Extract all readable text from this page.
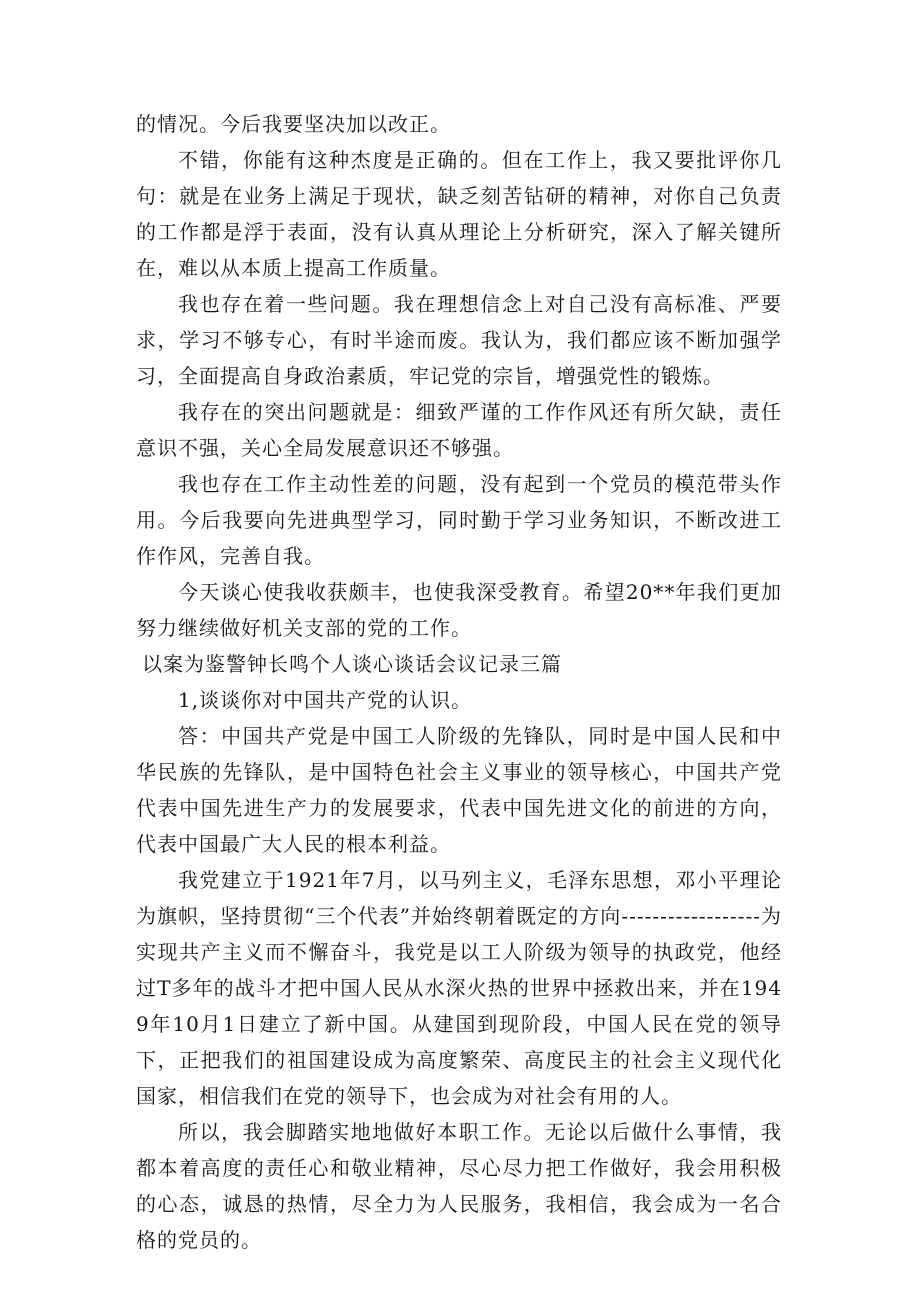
的情况。今后我要坚决加以改正。

不错，你能有这种杰度是正确的。但在工作上，我又要批评你几句：就是在业务上满足于现状，缺乏刻苦钻研的精神，对你自己负责的工作都是浮于表面，没有认真从理论上分析研究，深入了解关键所在，难以从本质上提高工作质量。

我也存在着一些问题。我在理想信念上对自己没有高标准、严要求，学习不够专心，有时半途而废。我认为，我们都应该不断加强学习，全面提高自身政治素质，牢记党的宗旨，增强党性的锻炼。

我存在的突出问题就是：细致严谨的工作作风还有所欠缺，责任意识不强，关心全局发展意识还不够强。

我也存在工作主动性差的问题，没有起到一个党员的模范带头作用。今后我要向先进典型学习，同时勤于学习业务知识，不断改进工作作风，完善自我。

今天谈心使我收获颇丰，也使我深受教育。希望20**年我们更加努力继续做好机关支部的党的工作。

以案为鉴警钟长鸣个人谈心谈话会议记录三篇

1,谈谈你对中国共产党的认识。

答：中国共产党是中国工人阶级的先锋队，同时是中国人民和中华民族的先锋队，是中国特色社会主义事业的领导核心，中国共产党代表中国先进生产力的发展要求，代表中国先进文化的前进的方向，代表中国最广大人民的根本利益。

我党建立于1921年7月，以马列主义，毛泽东思想，邓小平理论为旗帜，坚持贯彻“三个代表”并始终朝着既定的方向------------------为实现共产主义而不懈奋斗，我党是以工人阶级为领导的执政党，他经过T多年的战斗才把中国人民从水深火热的世界中拯救出来，并在1949年10月1日建立了新中国。从建国到现阶段，中国人民在党的领导下，正把我们的祖国建设成为高度繁荣、高度民主的社会主义现代化国家，相信我们在党的领导下，也会成为对社会有用的人。

所以，我会脚踏实地地做好本职工作。无论以后做什么事情，我都本着高度的责任心和敬业精神，尽心尽力把工作做好，我会用积极的心态，诚恳的热情，尽全力为人民服务，我相信，我会成为一名合格的党员的。
